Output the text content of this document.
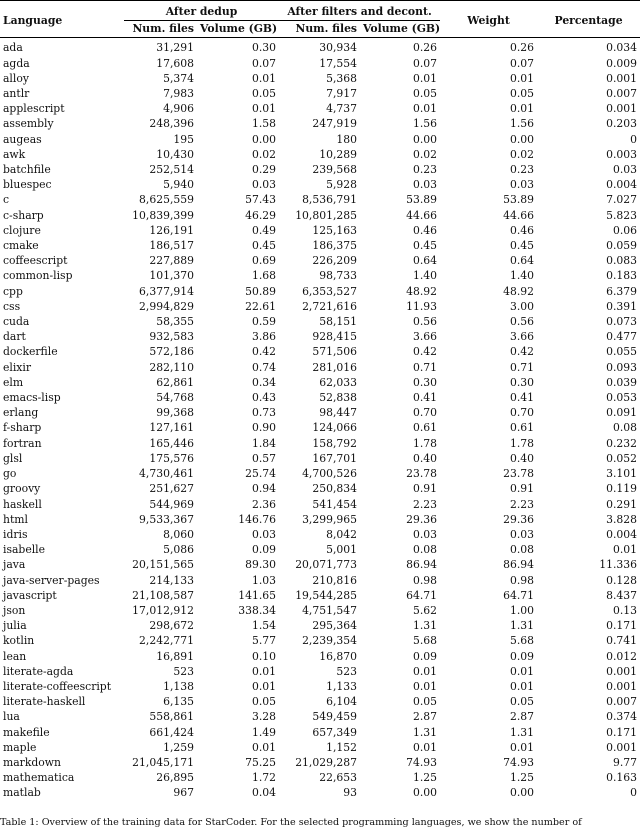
Language	After dedup		After filters and decont.		Weight	Percentage
	Num. files	Volume (GB)	Num. files	Volume (GB)		
ada	31,291	0.30	30,934	0.26	0.26	0.034
agda	17,608	0.07	17,554	0.07	0.07	0.009
alloy	5,374	0.01	5,368	0.01	0.01	0.001
antlr	7,983	0.05	7,917	0.05	0.05	0.007
applescript	4,906	0.01	4,737	0.01	0.01	0.001
assembly	248,396	1.58	247,919	1.56	1.56	0.203
augeas	195	0.00	180	0.00	0.00	0
awk	10,430	0.02	10,289	0.02	0.02	0.003
batchfile	252,514	0.29	239,568	0.23	0.23	0.03
bluespec	5,940	0.03	5,928	0.03	0.03	0.004
c	8,625,559	57.43	8,536,791	53.89	53.89	7.027
c-sharp	10,839,399	46.29	10,801,285	44.66	44.66	5.823
clojure	126,191	0.49	125,163	0.46	0.46	0.06
cmake	186,517	0.45	186,375	0.45	0.45	0.059
coffeescript	227,889	0.69	226,209	0.64	0.64	0.083
common-lisp	101,370	1.68	98,733	1.40	1.40	0.183
cpp	6,377,914	50.89	6,353,527	48.92	48.92	6.379
css	2,994,829	22.61	2,721,616	11.93	3.00	0.391
cuda	58,355	0.59	58,151	0.56	0.56	0.073
dart	932,583	3.86	928,415	3.66	3.66	0.477
dockerfile	572,186	0.42	571,506	0.42	0.42	0.055
elixir	282,110	0.74	281,016	0.71	0.71	0.093
elm	62,861	0.34	62,033	0.30	0.30	0.039
emacs-lisp	54,768	0.43	52,838	0.41	0.41	0.053
erlang	99,368	0.73	98,447	0.70	0.70	0.091
f-sharp	127,161	0.90	124,066	0.61	0.61	0.08
fortran	165,446	1.84	158,792	1.78	1.78	0.232
glsl	175,576	0.57	167,701	0.40	0.40	0.052
go	4,730,461	25.74	4,700,526	23.78	23.78	3.101
groovy	251,627	0.94	250,834	0.91	0.91	0.119
haskell	544,969	2.36	541,454	2.23	2.23	0.291
html	9,533,367	146.76	3,299,965	29.36	29.36	3.828
idris	8,060	0.03	8,042	0.03	0.03	0.004
isabelle	5,086	0.09	5,001	0.08	0.08	0.01
java	20,151,565	89.30	20,071,773	86.94	86.94	11.336
java-server-pages	214,133	1.03	210,816	0.98	0.98	0.128
javascript	21,108,587	141.65	19,544,285	64.71	64.71	8.437
json	17,012,912	338.34	4,751,547	5.62	1.00	0.13
julia	298,672	1.54	295,364	1.31	1.31	0.171
kotlin	2,242,771	5.77	2,239,354	5.68	5.68	0.741
lean	16,891	0.10	16,870	0.09	0.09	0.012
literate-agda	523	0.01	523	0.01	0.01	0.001
literate-coffeescript	1,138	0.01	1,133	0.01	0.01	0.001
literate-haskell	6,135	0.05	6,104	0.05	0.05	0.007
lua	558,861	3.28	549,459	2.87	2.87	0.374
makefile	661,424	1.49	657,349	1.31	1.31	0.171
maple	1,259	0.01	1,152	0.01	0.01	0.001
markdown	21,045,171	75.25	21,029,287	74.93	74.93	9.77
mathematica	26,895	1.72	22,653	1.25	1.25	0.163
matlab	967	0.04	93	0.00	0.00	0
Table 1: Overview of the training data for StarCoder. For the selected programming languages, we show the number of
